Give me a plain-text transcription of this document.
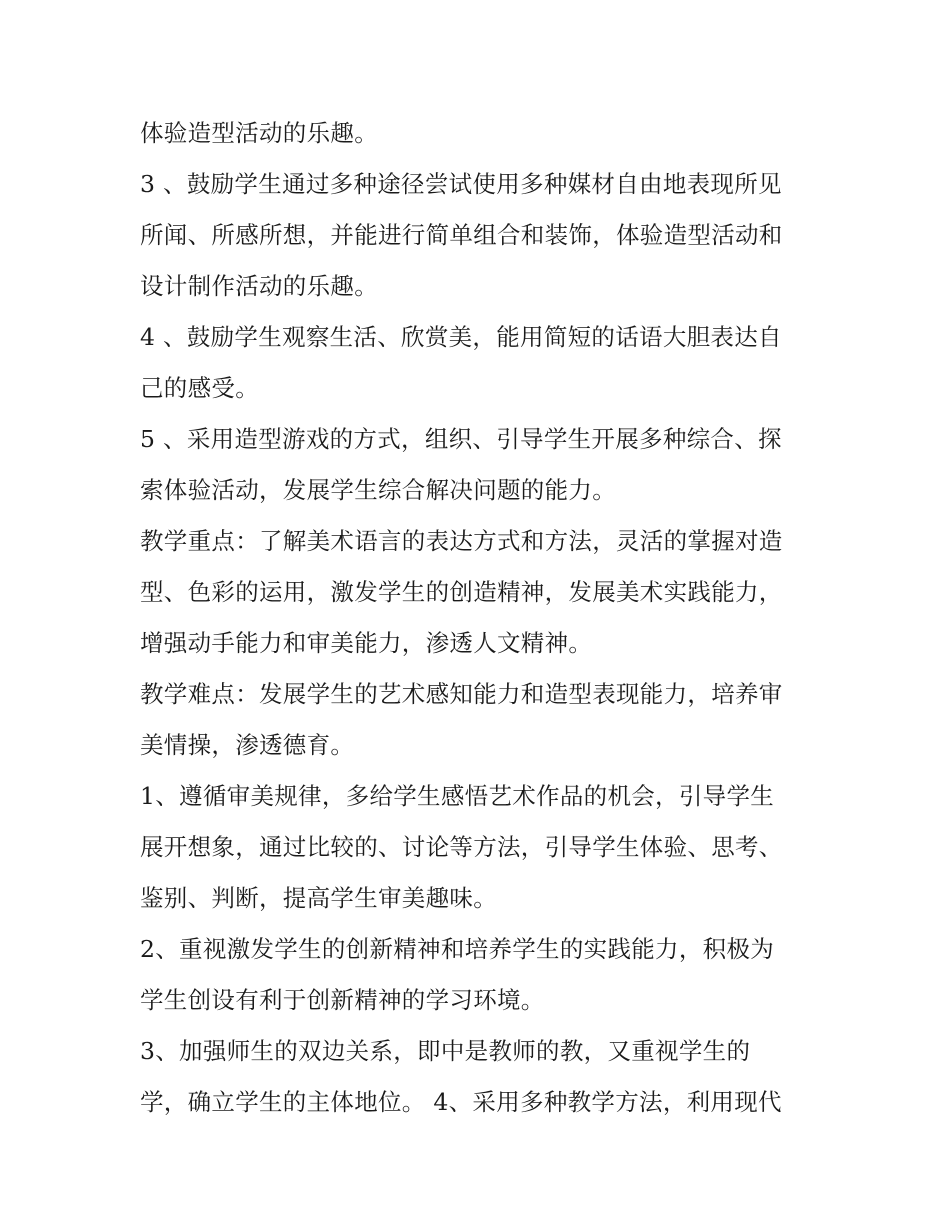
体验造型活动的乐趣。
3 、鼓励学生通过多种途径尝试使用多种媒材自由地表现所见
所闻、所感所想，并能进行简单组合和装饰，体验造型活动和
设计制作活动的乐趣。
4 、鼓励学生观察生活、欣赏美，能用简短的话语大胆表达自
己的感受。
5 、采用造型游戏的方式，组织、引导学生开展多种综合、探
索体验活动，发展学生综合解决问题的能力。
教学重点：了解美术语言的表达方式和方法，灵活的掌握对造
型、色彩的运用，激发学生的创造精神，发展美术实践能力，
增强动手能力和审美能力，渗透人文精神。
教学难点：发展学生的艺术感知能力和造型表现能力，培养审
美情操，渗透德育。
1、遵循审美规律，多给学生感悟艺术作品的机会，引导学生
展开想象，通过比较的、讨论等方法，引导学生体验、思考、
鉴别、判断，提高学生审美趣味。
2、重视激发学生的创新精神和培养学生的实践能力，积极为
学生创设有利于创新精神的学习环境。
3、加强师生的双边关系，即中是教师的教，又重视学生的
学，确立学生的主体地位。 4、采用多种教学方法，利用现代
